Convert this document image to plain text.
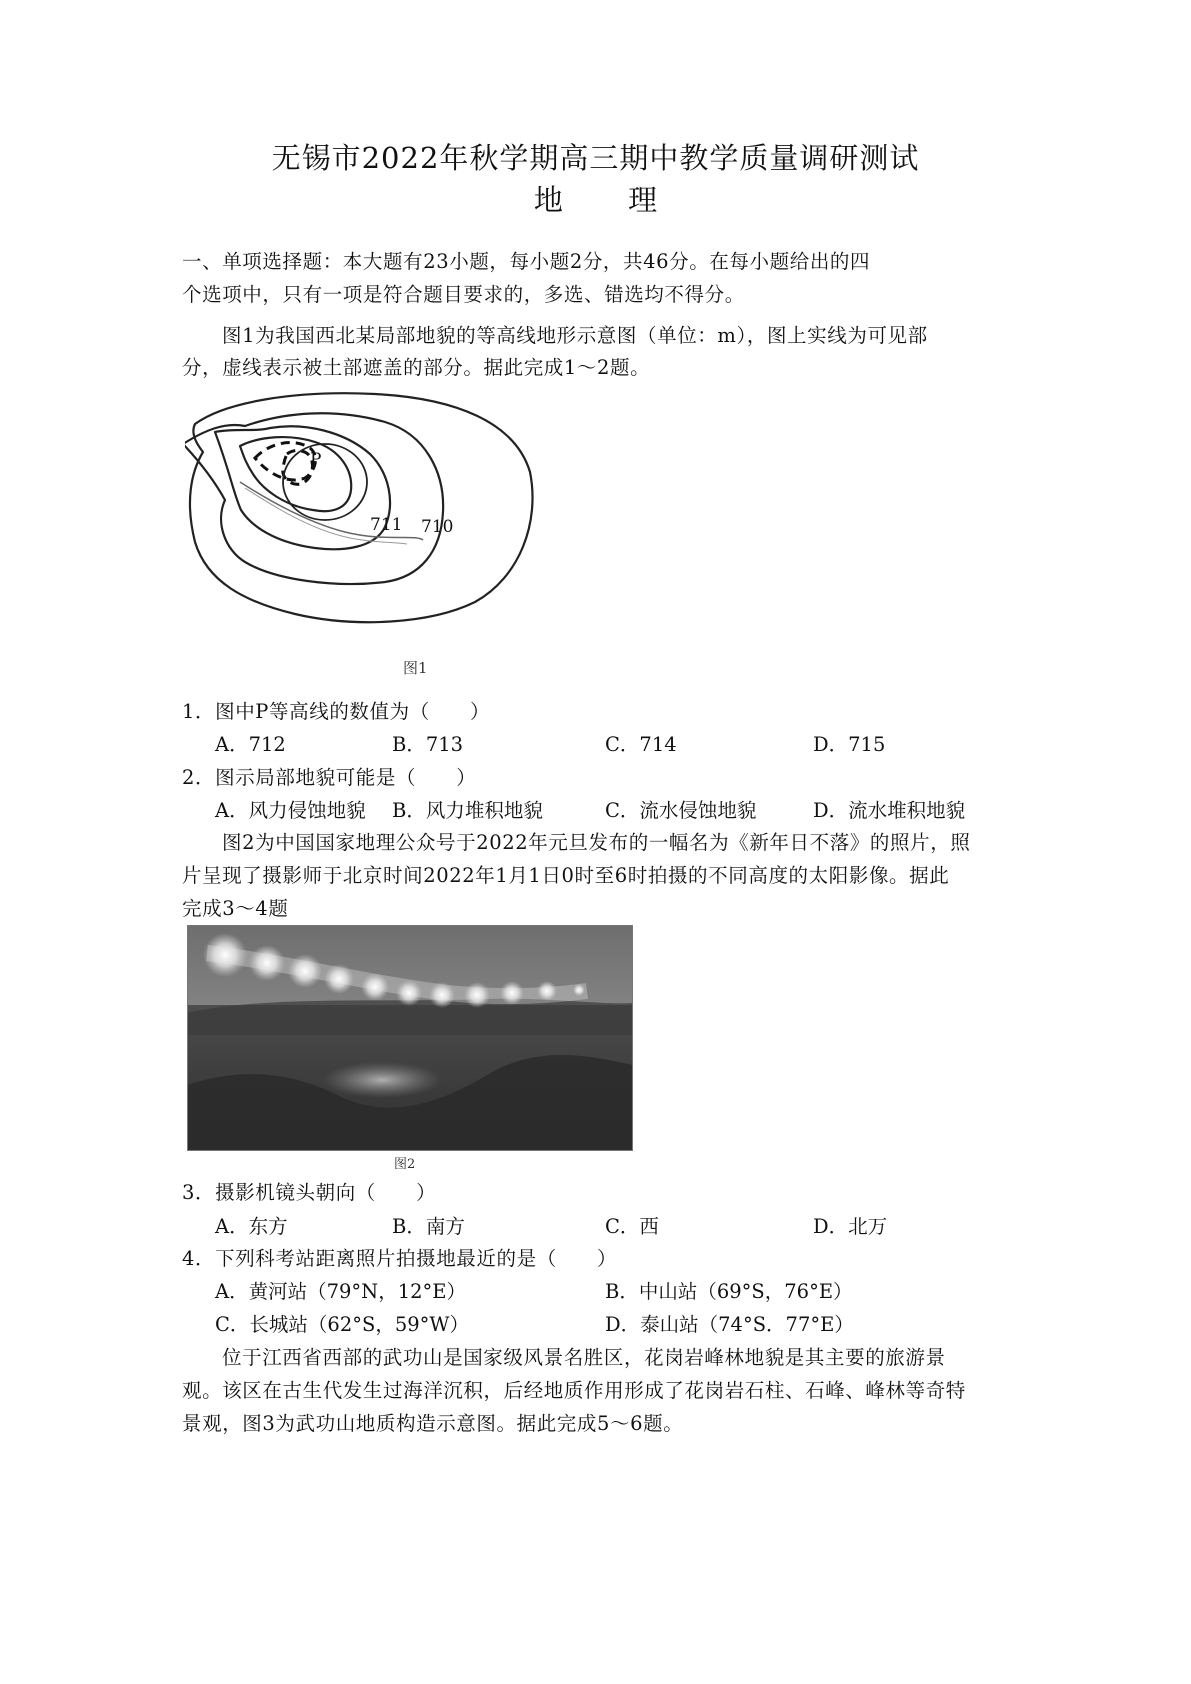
无锡市2022年秋学期高三期中教学质量调研测试
地 理
一、单项选择题：本大题有23小题，每小题2分，共46分。在每小题给出的四
个选项中，只有一项是符合题目要求的，多选、错选均不得分。
图1为我国西北某局部地貌的等高线地形示意图（单位：m），图上实线为可见部
分，虚线表示被土部遮盖的部分。据此完成1～2题。
P
711 710
图1
1．图中P等高线的数值为（　　）
A．712	B．713	C．714	D．715
2．图示局部地貌可能是（　　）
A．风力侵蚀地貌 B．风力堆积地貌	C．流水侵蚀地貌	D．流水堆积地貌
图2为中国国家地理公众号于2022年元旦发布的一幅名为《新年日不落》的照片，照
片呈现了摄影师于北京时间2022年1月1日0时至6时拍摄的不同高度的太阳影像。据此
完成3～4题
图2
3．摄影机镜头朝向（　　）
A．东方	B．南方	C．西	D．北万
4．下列科考站距离照片拍摄地最近的是（　　）
A．黄河站（79°N，12°E）	B．中山站（69°S，76°E）
C．长城站（62°S，59°W）	D．泰山站（74°S．77°E）
位于江西省西部的武功山是国家级风景名胜区，花岗岩峰林地貌是其主要的旅游景
观。该区在古生代发生过海洋沉积，后经地质作用形成了花岗岩石柱、石峰、峰林等奇特
景观，图3为武功山地质构造示意图。据此完成5～6题。
